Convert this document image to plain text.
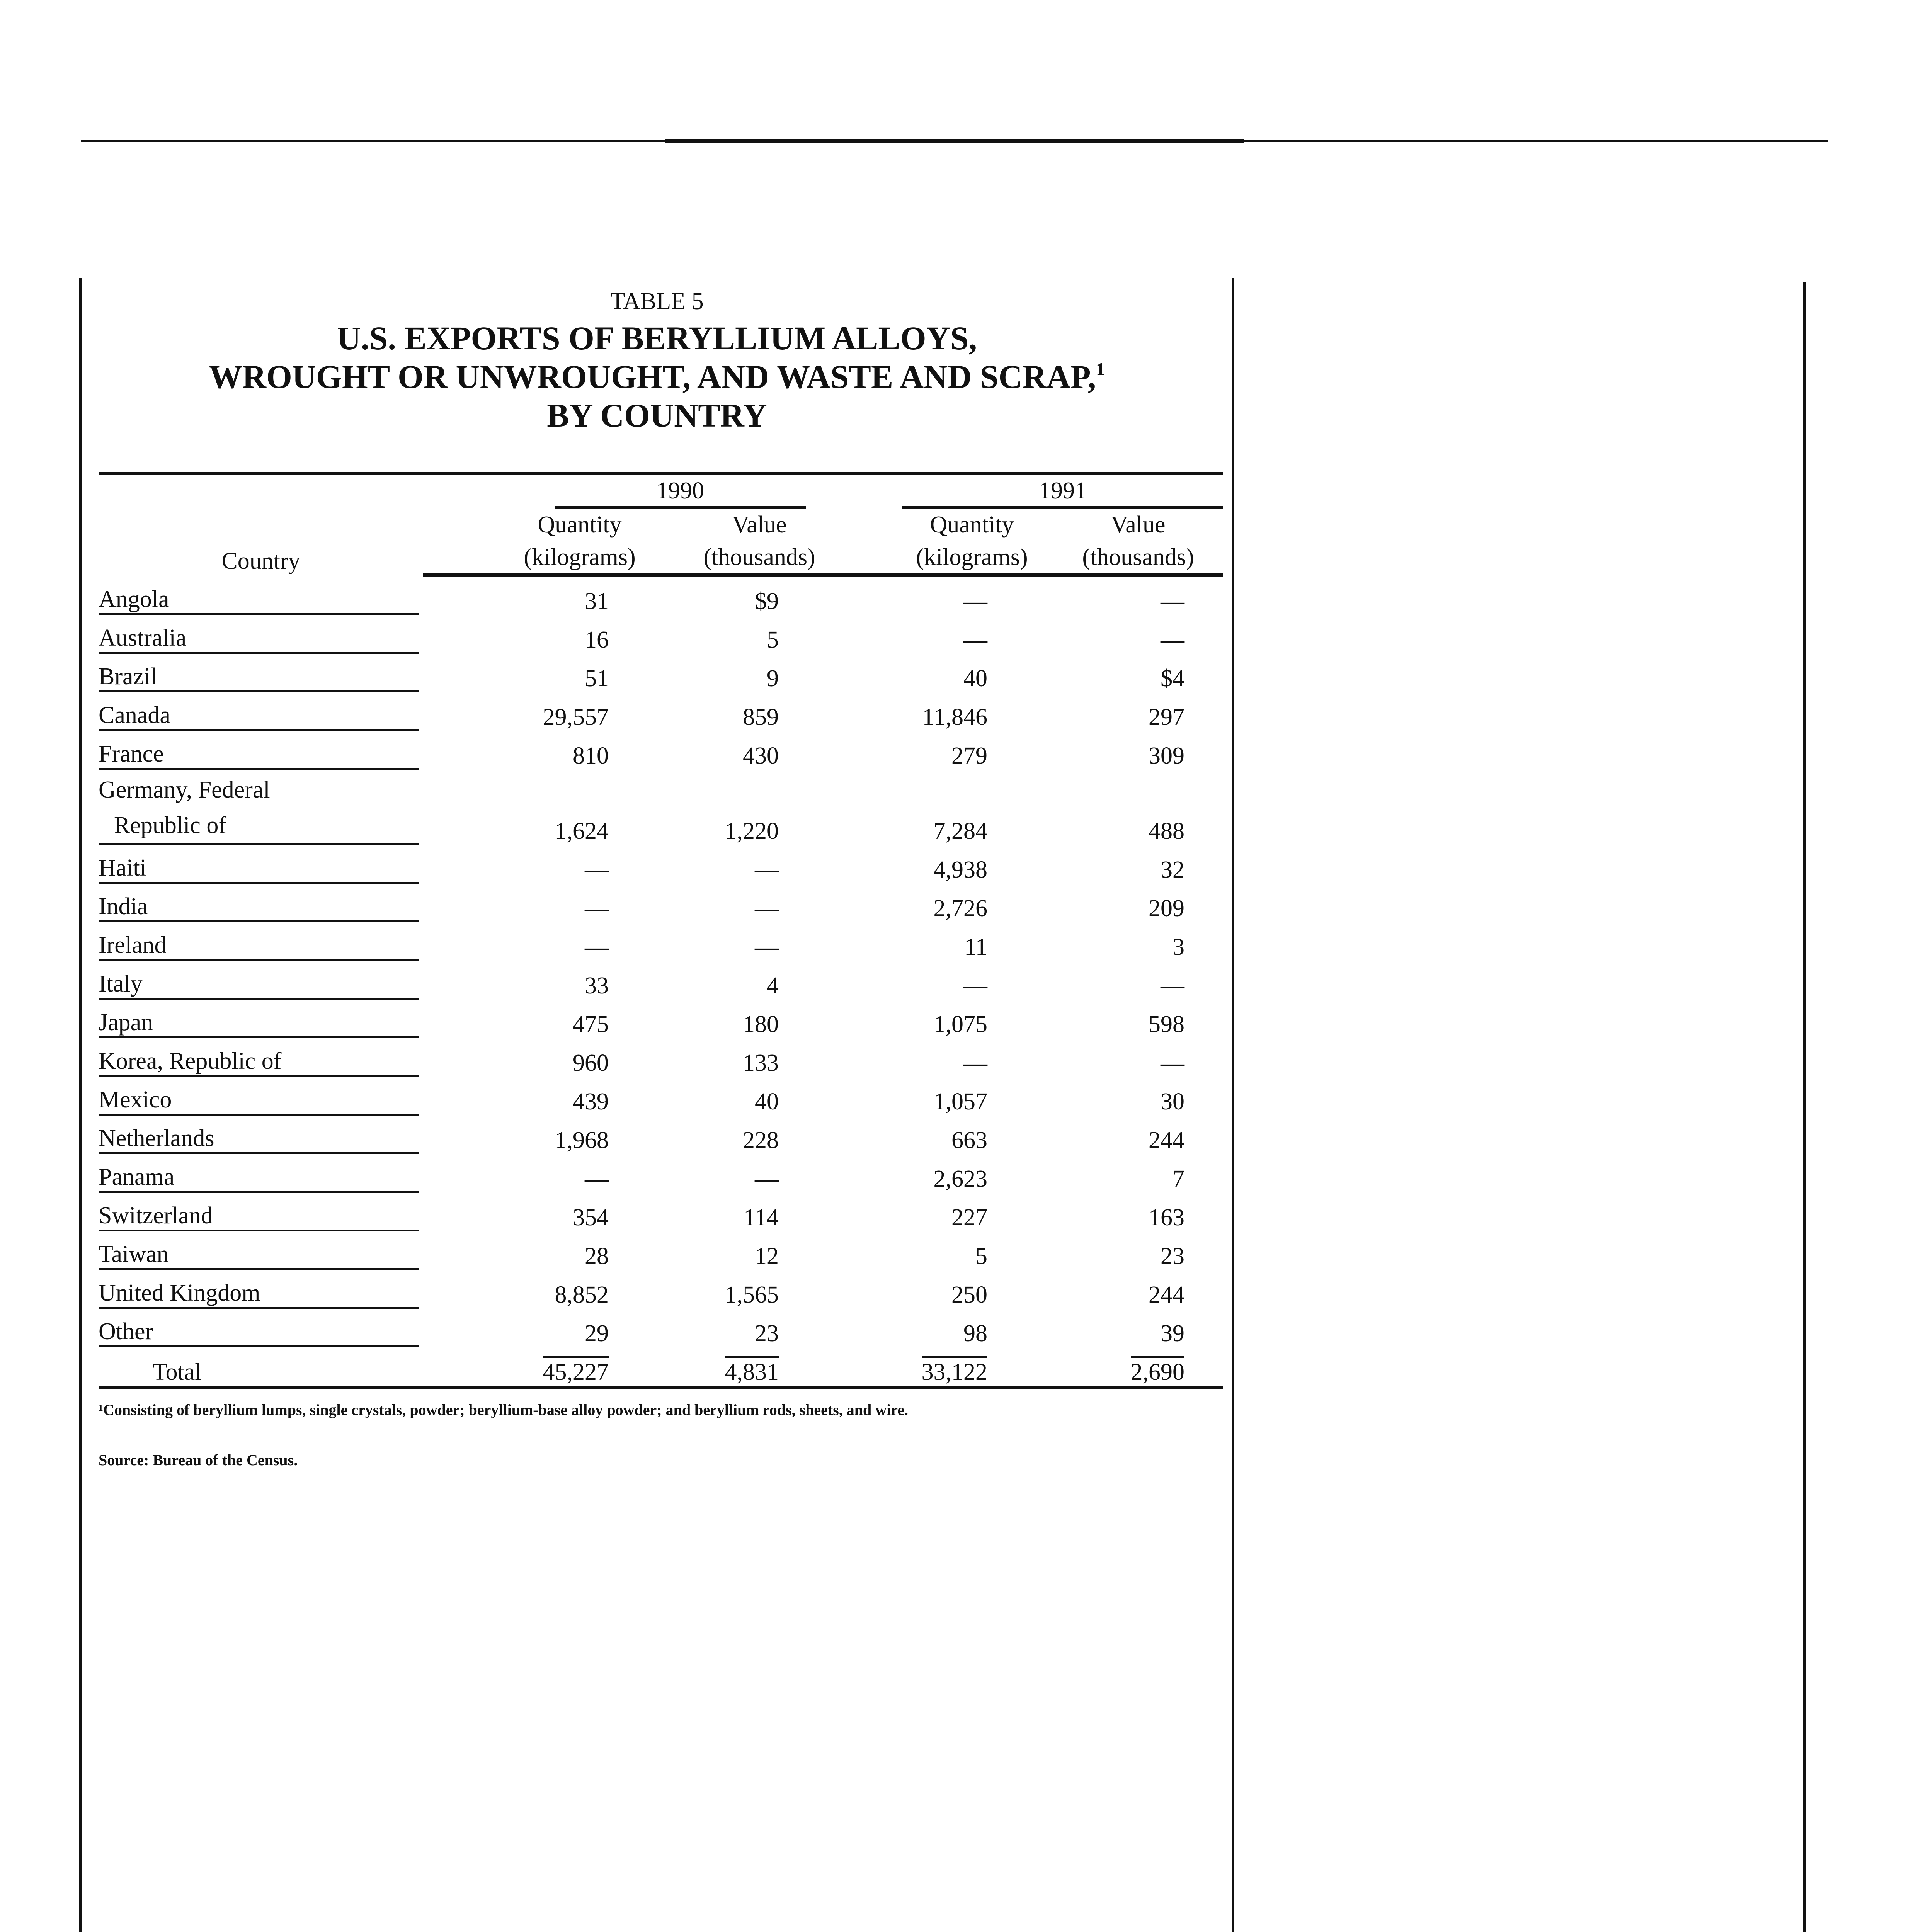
TABLE 5
U.S. EXPORTS OF BERYLLIUM ALLOYS,
WROUGHT OR UNWROUGHT, AND WASTE AND SCRAP,$^1$
BY COUNTRY
Country	1990		1991	

	Quantity	Value	Quantity	Value
	(kilograms)	(thousands)	(kilograms)	(thousands)

Angola	31	$9	—	—

Australia	16	5	—	—

Brazil	51	9	40	$4

Canada	29,557	859	11,846	297

France	810	430	279	309

Germany, Federal
Republic of	1,624	1,220	7,284	488

Haiti	—	—	4,938	32

India	—	—	2,726	209

Ireland	—	—	11	3

Italy	33	4	—	—

Japan	475	180	1,075	598

Korea, Republic of	960	133	—	—

Mexico	439	40	1,057	30

Netherlands	1,968	228	663	244

Panama	—	—	2,623	7

Switzerland	354	114	227	163

Taiwan	28	12	5	23

United Kingdom	8,852	1,565	250	244

Other	29	23	98	39
Total	45,227	4,831	33,122	2,690
¹Consisting of beryllium lumps, single crystals, powder; beryllium-base alloy powder; and beryllium rods, sheets, and wire.
Source: Bureau of the Census.
